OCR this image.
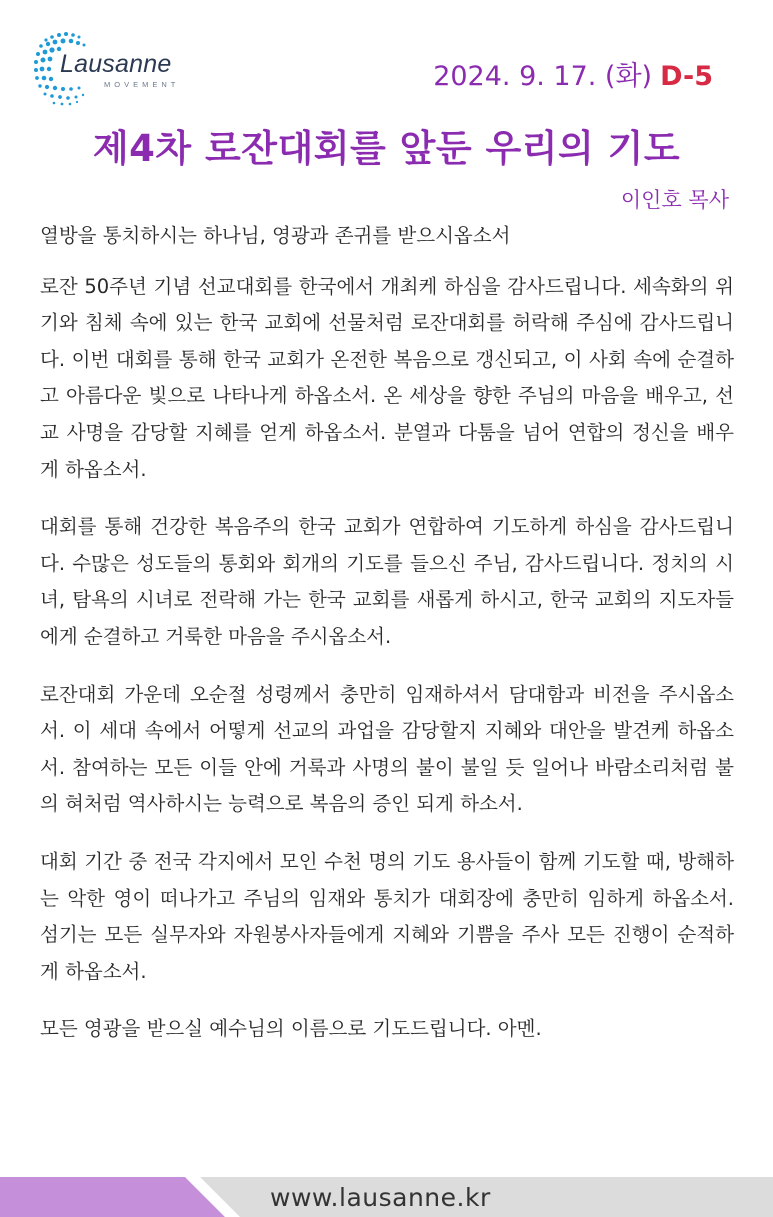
Lausanne
MOVEMENT	2024. 9. 17. (화) D-5
제4차 로잔대회를 앞둔 우리의 기도
이인호 목사

열방을 통치하시는 하나님, 영광과 존귀를 받으시옵소서

로잔 50주년 기념 선교대회를 한국에서 개최케 하심을 감사드립니다. 세속화의 위기와 침체 속에 있는 한국 교회에 선물처럼 로잔대회를 허락해 주심에 감사드립니다. 이번 대회를 통해 한국 교회가 온전한 복음으로 갱신되고, 이 사회 속에 순결하고 아름다운 빛으로 나타나게 하옵소서. 온 세상을 향한 주님의 마음을 배우고, 선교 사명을 감당할 지혜를 얻게 하옵소서. 분열과 다툼을 넘어 연합의 정신을 배우게 하옵소서.

대회를 통해 건강한 복음주의 한국 교회가 연합하여 기도하게 하심을 감사드립니다. 수많은 성도들의 통회와 회개의 기도를 들으신 주님, 감사드립니다. 정치의 시녀, 탐욕의 시녀로 전락해 가는 한국 교회를 새롭게 하시고, 한국 교회의 지도자들에게 순결하고 거룩한 마음을 주시옵소서.

로잔대회 가운데 오순절 성령께서 충만히 임재하셔서 담대함과 비전을 주시옵소서. 이 세대 속에서 어떻게 선교의 과업을 감당할지 지혜와 대안을 발견케 하옵소서. 참여하는 모든 이들 안에 거룩과 사명의 불이 불일 듯 일어나 바람소리처럼 불의 혀처럼 역사하시는 능력으로 복음의 증인 되게 하소서.

대회 기간 중 전국 각지에서 모인 수천 명의 기도 용사들이 함께 기도할 때, 방해하는 악한 영이 떠나가고 주님의 임재와 통치가 대회장에 충만히 임하게 하옵소서. 섬기는 모든 실무자와 자원봉사자들에게 지혜와 기쁨을 주사 모든 진행이 순적하게 하옵소서.

모든 영광을 받으실 예수님의 이름으로 기도드립니다. 아멘.

www.lausanne.kr
